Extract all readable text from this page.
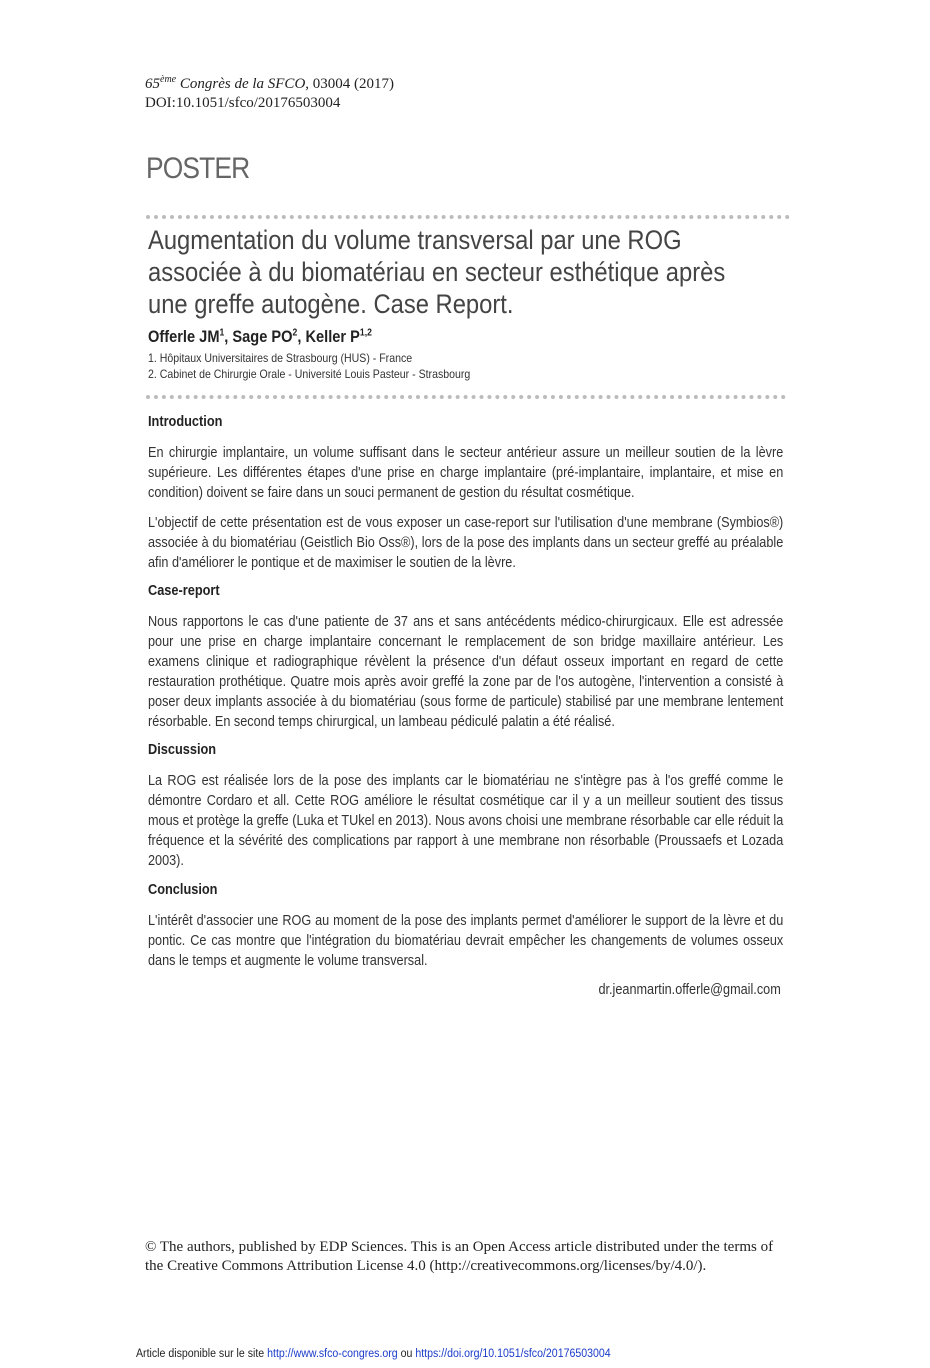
65ème Congrès de la SFCO, 03004 (2017)
DOI:10.1051/sfco/20176503004
POSTER
Augmentation du volume transversal par une ROG associée à du biomatériau en secteur esthétique après une greffe autogène. Case Report.
Offerle $JM^1$, Sage $PO^2$, Keller P$^{1,2}$
1. Hôpitaux Universitaires de Strasbourg (HUS) - France
2. Cabinet de Chirurgie Orale - Université Louis Pasteur - Strasbourg
Introduction

En chirurgie implantaire, un volume suffisant dans le secteur antérieur assure un meilleur soutien de la lèvre supérieure. Les différentes étapes d'une prise en charge implantaire (pré-implantaire, implantaire, et mise en condition) doivent se faire dans un souci permanent de gestion du résultat cosmétique.

L'objectif de cette présentation est de vous exposer un case-report sur l'utilisation d'une membrane (Symbios®) associée à du biomatériau (Geistlich Bio Oss®), lors de la pose des implants dans un secteur greffé au préalable afin d'améliorer le pontique et de maximiser le soutien de la lèvre.

Case-report

Nous rapportons le cas d'une patiente de 37 ans et sans antécédents médico-chirurgicaux. Elle est adressée pour une prise en charge implantaire concernant le remplacement de son bridge maxillaire antérieur. Les examens clinique et radiographique révèlent la présence d'un défaut osseux important en regard de cette restauration prothétique. Quatre mois après avoir greffé la zone par de l'os autogène, l'intervention a consisté à poser deux implants associée à du biomatériau (sous forme de particule) stabilisé par une membrane lentement résorbable. En second temps chirurgical, un lambeau pédiculé palatin a été réalisé.

Discussion

La ROG est réalisée lors de la pose des implants car le biomatériau ne s'intègre pas à l'os greffé comme le démontre Cordaro et all. Cette ROG améliore le résultat cosmétique car il y a un meilleur soutient des tissus mous et protège la greffe (Luka et TUkel en 2013). Nous avons choisi une membrane résorbable car elle réduit la fréquence et la sévérité des complications par rapport à une membrane non résorbable (Proussaefs et Lozada 2003).

Conclusion

L'intérêt d'associer une ROG au moment de la pose des implants permet d'améliorer le support de la lèvre et du pontic. Ce cas montre que l'intégration du biomatériau devrait empêcher les changements de volumes osseux dans le temps et augmente le volume transversal.

dr.jeanmartin.offerle@gmail.com

© The authors, published by EDP Sciences. This is an Open Access article distributed under the terms of the Creative Commons Attribution License 4.0 (http://creativecommons.org/licenses/by/4.0/).

Article disponible sur le site http://www.sfco-congres.org ou https://doi.org/10.1051/sfco/20176503004
